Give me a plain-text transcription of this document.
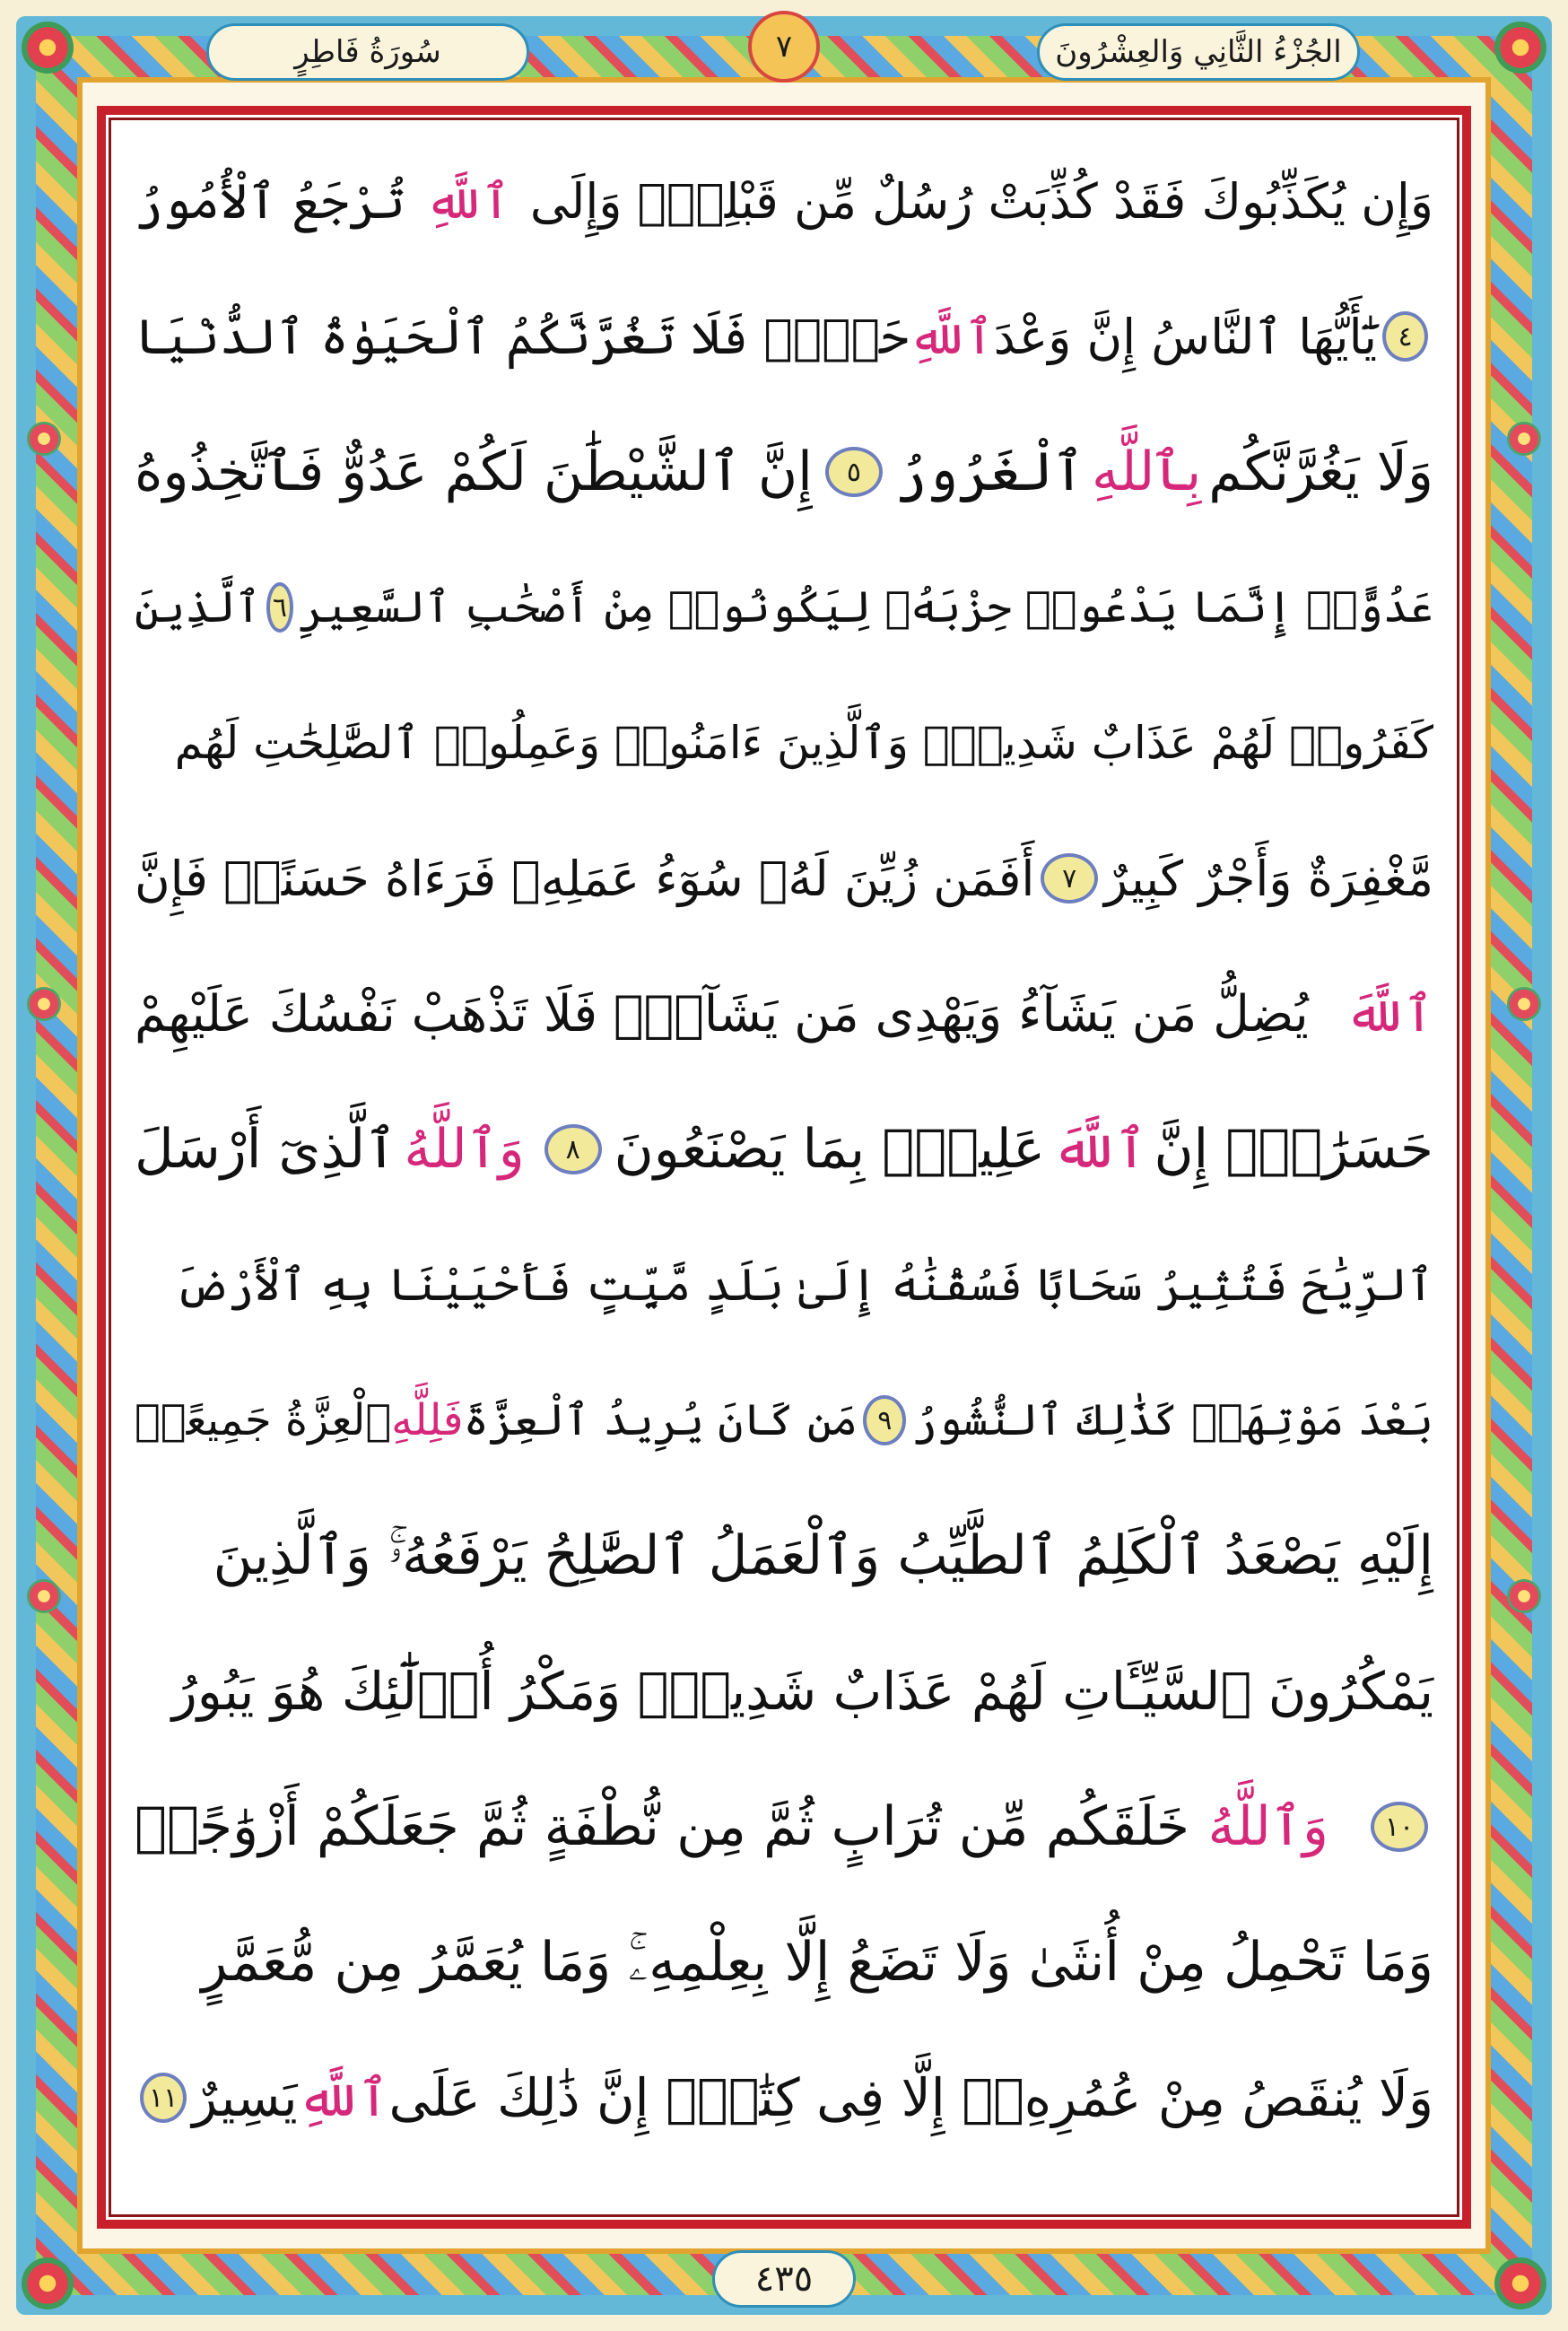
سُورَةُ فَاطِرٍ	٧	الجُزْءُ الثَّانِي وَالعِشْرُونَ
وَإِن يُكَذِّبُوكَ فَقَدْ كُذِّبَتْ رُسُلٌ مِّن قَبْلِكَۚ وَإِلَى
ٱللَّهِ
تُرْجَعُ ٱلْأُمُورُ
٤
يَٰٓأَيُّهَا ٱلنَّاسُ إِنَّ وَعْدَ
ٱللَّهِ
حَقٌّۖ فَلَا تَغُرَّنَّكُمُ ٱلْحَيَوٰةُ ٱلدُّنْيَا
وَلَا يَغُرَّنَّكُم
بِٱللَّهِ
ٱلْغَرُورُ
٥
إِنَّ ٱلشَّيْطَٰنَ لَكُمْ عَدُوٌّ فَٱتَّخِذُوهُ
عَدُوًّاۚ إِنَّمَا يَدْعُوا۟ حِزْبَهُۥ لِيَكُونُوا۟ مِنْ أَصْحَٰبِ ٱلسَّعِيرِ
٦
ٱلَّذِينَ
كَفَرُوا۟ لَهُمْ عَذَابٌ شَدِيدٌۖ وَٱلَّذِينَ ءَامَنُوا۟ وَعَمِلُوا۟ ٱلصَّٰلِحَٰتِ لَهُم
مَّغْفِرَةٌ وَأَجْرٌ كَبِيرٌ
٧
أَفَمَن زُيِّنَ لَهُۥ سُوٓءُ عَمَلِهِۦ فَرَءَاهُ حَسَنًاۖ فَإِنَّ
ٱللَّهَ
يُضِلُّ مَن يَشَآءُ وَيَهْدِى مَن يَشَآءُۖ فَلَا تَذْهَبْ نَفْسُكَ عَلَيْهِمْ
حَسَرَٰتٍۚ إِنَّ
ٱللَّهَ
عَلِيمٌۢ بِمَا يَصْنَعُونَ
٨
وَٱللَّهُ
ٱلَّذِىٓ أَرْسَلَ
ٱلرِّيَٰحَ فَتُثِيرُ سَحَابًا فَسُقْنَٰهُ إِلَىٰ بَلَدٍ مَّيِّتٍ فَأَحْيَيْنَا بِهِ ٱلْأَرْضَ
بَعْدَ مَوْتِهَاۚ كَذَٰلِكَ ٱلنُّشُورُ
٩
مَن كَانَ يُرِيدُ ٱلْعِزَّةَ
فَلِلَّهِ
ٱلْعِزَّةُ جَمِيعًاۚ
إِلَيْهِ يَصْعَدُ ٱلْكَلِمُ ٱلطَّيِّبُ وَٱلْعَمَلُ ٱلصَّٰلِحُ يَرْفَعُهُۥۚ وَٱلَّذِينَ
يَمْكُرُونَ ٱلسَّيِّـَٔاتِ لَهُمْ عَذَابٌ شَدِيدٌۖ وَمَكْرُ أُو۟لَٰٓئِكَ هُوَ يَبُورُ
١٠
وَٱللَّهُ
خَلَقَكُم مِّن تُرَابٍ ثُمَّ مِن نُّطْفَةٍ ثُمَّ جَعَلَكُمْ أَزْوَٰجًاۚ
وَمَا تَحْمِلُ مِنْ أُنثَىٰ وَلَا تَضَعُ إِلَّا بِعِلْمِهِۦۚ وَمَا يُعَمَّرُ مِن مُّعَمَّرٍ
وَلَا يُنقَصُ مِنْ عُمُرِهِۦٓ إِلَّا فِى كِتَٰبٍۚ إِنَّ ذَٰلِكَ عَلَى
ٱللَّهِ
يَسِيرٌ
١١
٤٣٥
